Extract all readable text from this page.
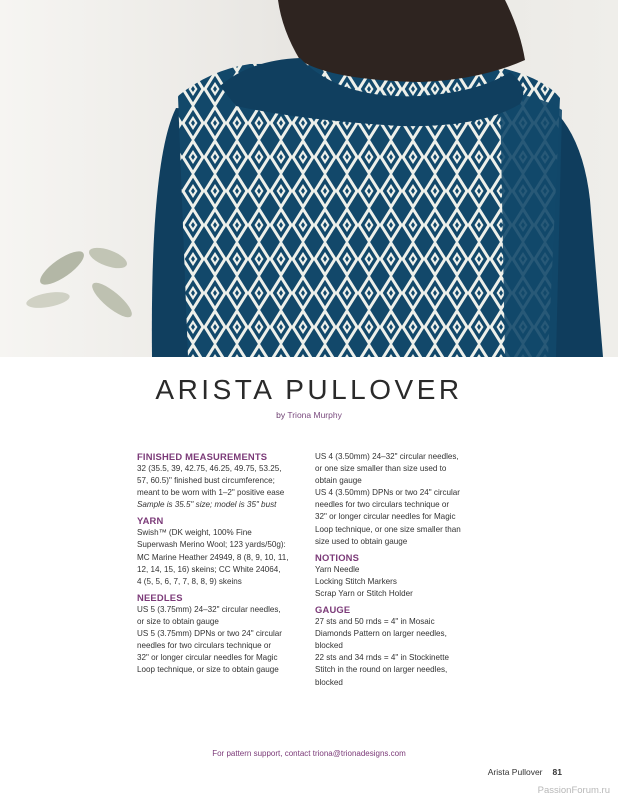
ARISTA PULLOVER
by Triona Murphy

FINISHED MEASUREMENTS

32 (35.5, 39, 42.75, 46.25, 49.75, 53.25,

57, 60.5)" finished bust circumference;

meant to be worn with 1–2" positive ease

Sample is 35.5" size; model is 35" bust

YARN

Swish™ (DK weight, 100% Fine

Superwash Merino Wool; 123 yards/50g):

MC Marine Heather 24949, 8 (8, 9, 10, 11,

12, 14, 15, 16) skeins; CC White 24064,

4 (5, 5, 6, 7, 7, 8, 8, 9) skeins

NEEDLES

US 5 (3.75mm) 24–32" circular needles,

or size to obtain gauge

US 5 (3.75mm) DPNs or two 24" circular

needles for two circulars technique or

32" or longer circular needles for Magic

Loop technique, or size to obtain gauge

US 4 (3.50mm) 24–32" circular needles,

or one size smaller than size used to

obtain gauge

US 4 (3.50mm) DPNs or two 24" circular

needles for two circulars technique or

32" or longer circular needles for Magic

Loop technique, or one size smaller than

size used to obtain gauge

NOTIONS

Yarn Needle

Locking Stitch Markers

Scrap Yarn or Stitch Holder

GAUGE

27 sts and 50 rnds = 4" in Mosaic

Diamonds Pattern on larger needles,

blocked

22 sts and 34 rnds = 4" in Stockinette

Stitch in the round on larger needles,

blocked

For pattern support, contact triona@trionadesigns.com
Arista Pullover 81
PassionForum.ru
